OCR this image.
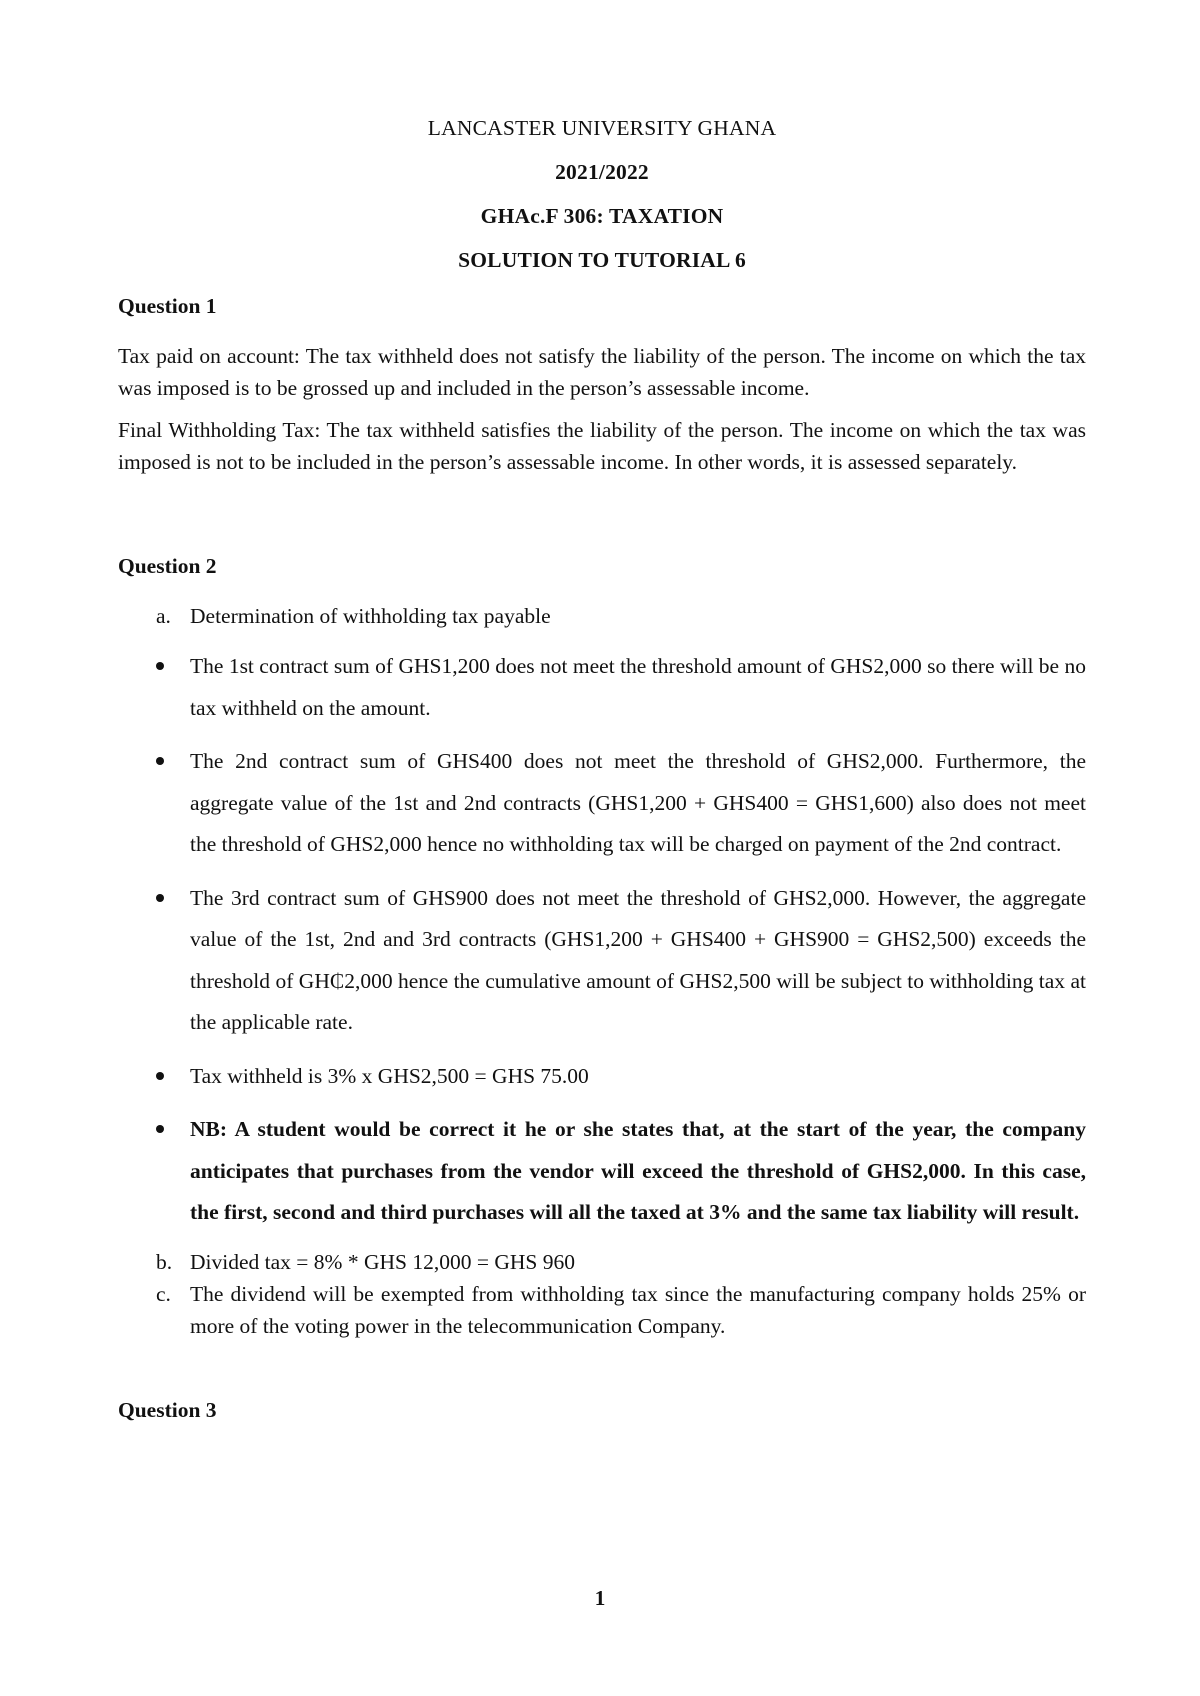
LANCASTER UNIVERSITY GHANA
2021/2022
GHAc.F 306: TAXATION
SOLUTION TO TUTORIAL 6
Question 1

Tax paid on account: The tax withheld does not satisfy the liability of the person. The income on which the tax was imposed is to be grossed up and included in the person’s assessable income.

Final Withholding Tax: The tax withheld satisfies the liability of the person. The income on which the tax was imposed is not to be included in the person’s assessable income. In other words, it is assessed separately.

Question 2
a. Determination of withholding tax payable
The 1st contract sum of GHS1,200 does not meet the threshold amount of GHS2,000 so there will be no tax withheld on the amount.
The 2nd contract sum of GHS400 does not meet the threshold of GHS2,000. Furthermore, the aggregate value of the 1st and 2nd contracts (GHS1,200 + GHS400 = GHS1,600) also does not meet the threshold of GHS2,000 hence no withholding tax will be charged on payment of the 2nd contract.
The 3rd contract sum of GHS900 does not meet the threshold of GHS2,000. However, the aggregate value of the 1st, 2nd and 3rd contracts (GHS1,200 + GHS400 + GHS900 = GHS2,500) exceeds the threshold of GH₵2,000 hence the cumulative amount of GHS2,500 will be subject to withholding tax at the applicable rate.
Tax withheld is 3% x GHS2,500 = GHS 75.00
NB: A student would be correct it he or she states that, at the start of the year, the company anticipates that purchases from the vendor will exceed the threshold of GHS2,000. In this case, the first, second and third purchases will all the taxed at 3% and the same tax liability will result.
b. Divided tax = 8% * GHS 12,000 = GHS 960
c. The dividend will be exempted from withholding tax since the manufacturing company holds 25% or more of the voting power in the telecommunication Company.
Question 3
1
